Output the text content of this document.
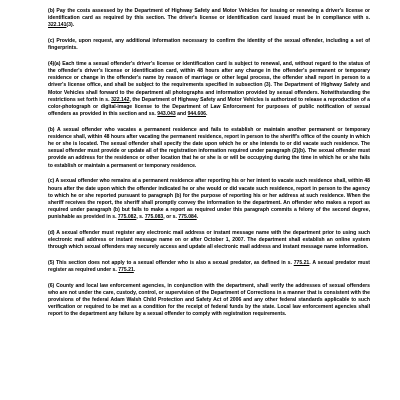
(b) Pay the costs assessed by the Department of Highway Safety and Motor Vehicles for issuing or renewing a driver's license or identification card as required by this section. The driver's license or identification card issued must be in compliance with s. 322.141(3).

(c) Provide, upon request, any additional information necessary to confirm the identity of the sexual offender, including a set of fingerprints.

(4)(a) Each time a sexual offender's driver's license or identification card is subject to renewal, and, without regard to the status of the offender's driver's license or identification card, within 48 hours after any change in the offender's permanent or temporary residence or change in the offender's name by reason of marriage or other legal process, the offender shall report in person to a driver's license office, and shall be subject to the requirements specified in subsection (3). The Department of Highway Safety and Motor Vehicles shall forward to the department all photographs and information provided by sexual offenders. Notwithstanding the restrictions set forth in s. 322.142, the Department of Highway Safety and Motor Vehicles is authorized to release a reproduction of a color-photograph or digital-image license to the Department of Law Enforcement for purposes of public notification of sexual offenders as provided in this section and ss. 943.043 and 944.606.

(b) A sexual offender who vacates a permanent residence and fails to establish or maintain another permanent or temporary residence shall, within 48 hours after vacating the permanent residence, report in person to the sheriff's office of the county in which he or she is located. The sexual offender shall specify the date upon which he or she intends to or did vacate such residence. The sexual offender must provide or update all of the registration information required under paragraph (2)(b). The sexual offender must provide an address for the residence or other location that he or she is or will be occupying during the time in which he or she fails to establish or maintain a permanent or temporary residence.

(c) A sexual offender who remains at a permanent residence after reporting his or her intent to vacate such residence shall, within 48 hours after the date upon which the offender indicated he or she would or did vacate such residence, report in person to the agency to which he or she reported pursuant to paragraph (b) for the purpose of reporting his or her address at such residence. When the sheriff receives the report, the sheriff shall promptly convey the information to the department. An offender who makes a report as required under paragraph (b) but fails to make a report as required under this paragraph commits a felony of the second degree, punishable as provided in s. 775.082, s. 775.083, or s. 775.084.

(d) A sexual offender must register any electronic mail address or instant message name with the department prior to using such electronic mail address or instant message name on or after October 1, 2007. The department shall establish an online system through which sexual offenders may securely access and update all electronic mail address and instant message name information.

(5) This section does not apply to a sexual offender who is also a sexual predator, as defined in s. 775.21. A sexual predator must register as required under s. 775.21.

(6) County and local law enforcement agencies, in conjunction with the department, shall verify the addresses of sexual offenders who are not under the care, custody, control, or supervision of the Department of Corrections in a manner that is consistent with the provisions of the federal Adam Walsh Child Protection and Safety Act of 2006 and any other federal standards applicable to such verification or required to be met as a condition for the receipt of federal funds by the state. Local law enforcement agencies shall report to the department any failure by a sexual offender to comply with registration requirements.
